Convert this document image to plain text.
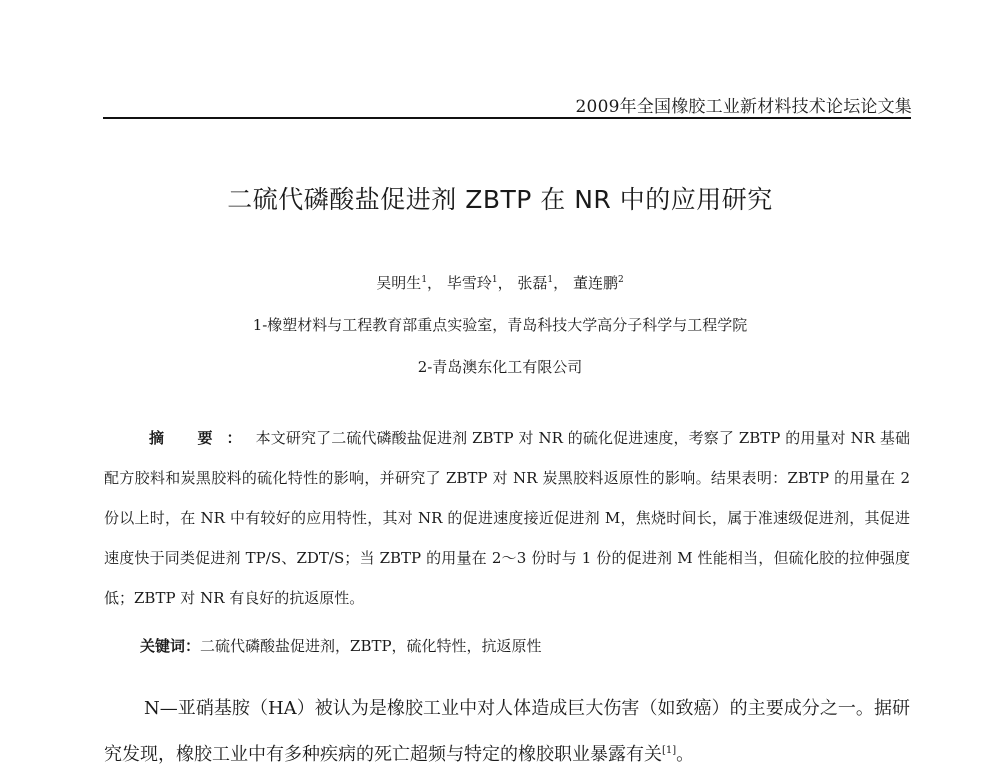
2009年全国橡胶工业新材料技术论坛论文集
二硫代磷酸盐促进剂 ZBTP 在 NR 中的应用研究
吴明生$^1$， 毕雪玲$^1$， 张磊$^1$， 董连鹏$^2$
1-橡塑材料与工程教育部重点实验室，青岛科技大学高分子科学与工程学院
2-青岛澳东化工有限公司

摘 要：本文研究了二硫代磷酸盐促进剂 ZBTP 对 NR 的硫化促进速度，考察了 ZBTP 的用量对 NR 基础配方胶料和炭黑胶料的硫化特性的影响，并研究了 ZBTP 对 NR 炭黑胶料返原性的影响。结果表明：ZBTP 的用量在 2 份以上时，在 NR 中有较好的应用特性，其对 NR 的促进速度接近促进剂 M，焦烧时间长，属于准速级促进剂，其促进速度快于同类促进剂 TP/S、ZDT/S；当 ZBTP 的用量在 2～3 份时与 1 份的促进剂 M 性能相当，但硫化胶的拉伸强度低；ZBTP 对 NR 有良好的抗返原性。

关键词：二硫代磷酸盐促进剂，ZBTP，硫化特性，抗返原性

N—亚硝基胺（HA）被认为是橡胶工业中对人体造成巨大伤害（如致癌）的主要成分之一。据研究发现，橡胶工业中有多种疾病的死亡超频与特定的橡胶职业暴露有关[1]。
